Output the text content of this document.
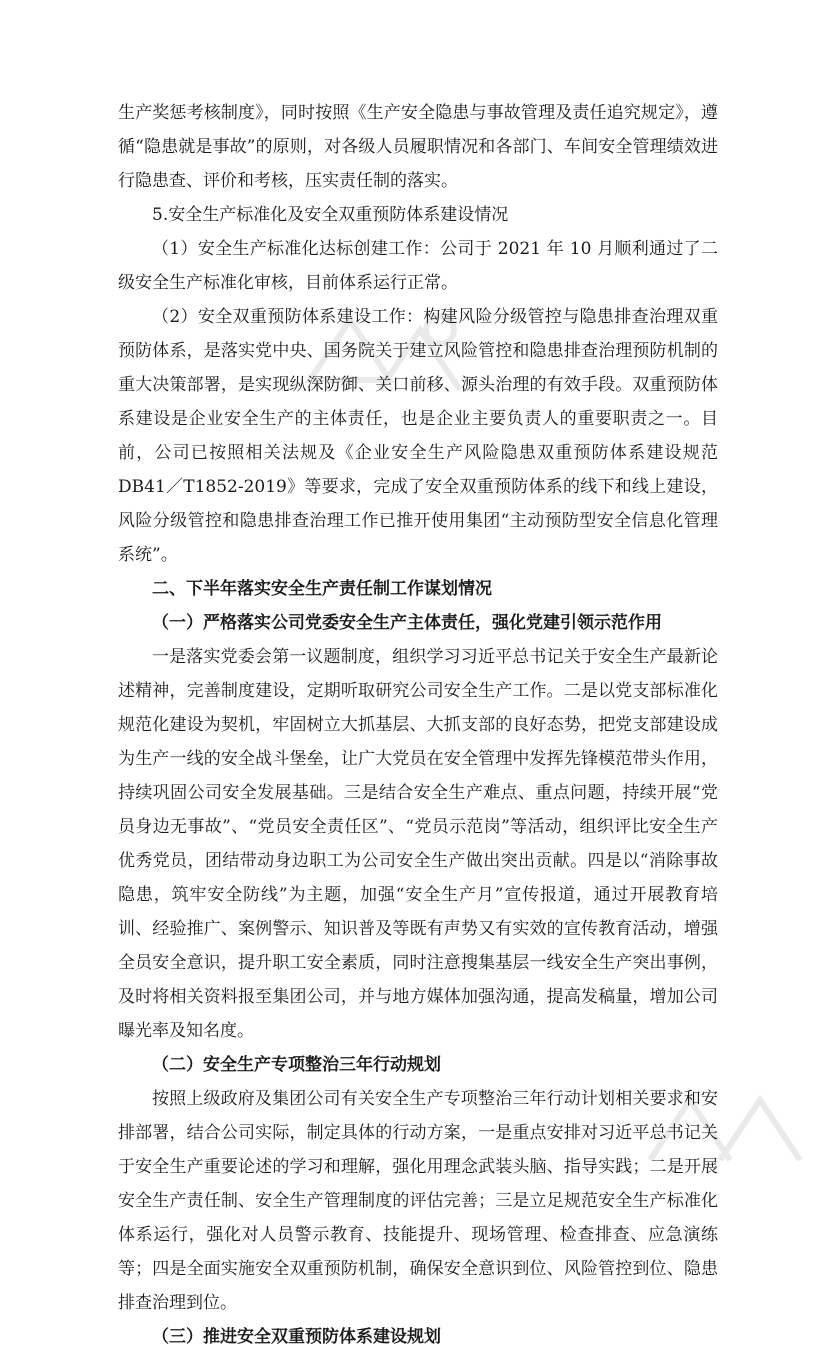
生产奖惩考核制度》，同时按照《生产安全隐患与事故管理及责任追究规定》，遵循“隐患就是事故”的原则，对各级人员履职情况和各部门、车间安全管理绩效进行隐患查、评价和考核，压实责任制的落实。

5.安全生产标准化及安全双重预防体系建设情况

（1）安全生产标准化达标创建工作：公司于 2021 年 10 月顺利通过了二级安全生产标准化审核，目前体系运行正常。

（2）安全双重预防体系建设工作：构建风险分级管控与隐患排查治理双重预防体系，是落实党中央、国务院关于建立风险管控和隐患排查治理预防机制的重大决策部署，是实现纵深防御、关口前移、源头治理的有效手段。双重预防体系建设是企业安全生产的主体责任，也是企业主要负责人的重要职责之一。目前，公司已按照相关法规及《企业安全生产风险隐患双重预防体系建设规范 DB41／T1852-2019》等要求，完成了安全双重预防体系的线下和线上建设，风险分级管控和隐患排查治理工作已推开使用集团“主动预防型安全信息化管理系统”。

二、下半年落实安全生产责任制工作谋划情况

（一）严格落实公司党委安全生产主体责任，强化党建引领示范作用

一是落实党委会第一议题制度，组织学习习近平总书记关于安全生产最新论述精神，完善制度建设，定期听取研究公司安全生产工作。二是以党支部标准化规范化建设为契机，牢固树立大抓基层、大抓支部的良好态势，把党支部建设成为生产一线的安全战斗堡垒，让广大党员在安全管理中发挥先锋模范带头作用，持续巩固公司安全发展基础。三是结合安全生产难点、重点问题，持续开展“党员身边无事故”、“党员安全责任区”、“党员示范岗”等活动，组织评比安全生产优秀党员，团结带动身边职工为公司安全生产做出突出贡献。四是以“消除事故隐患，筑牢安全防线”为主题，加强“安全生产月”宣传报道，通过开展教育培训、经验推广、案例警示、知识普及等既有声势又有实效的宣传教育活动，增强全员安全意识，提升职工安全素质，同时注意搜集基层一线安全生产突出事例，及时将相关资料报至集团公司，并与地方媒体加强沟通，提高发稿量，增加公司曝光率及知名度。

（二）安全生产专项整治三年行动规划

按照上级政府及集团公司有关安全生产专项整治三年行动计划相关要求和安排部署，结合公司实际，制定具体的行动方案，一是重点安排对习近平总书记关于安全生产重要论述的学习和理解，强化用理念武装头脑、指导实践；二是开展安全生产责任制、安全生产管理制度的评估完善；三是立足规范安全生产标准化体系运行，强化对人员警示教育、技能提升、现场管理、检查排查、应急演练等；四是全面实施安全双重预防机制，确保安全意识到位、风险管控到位、隐患排查治理到位。

（三）推进安全双重预防体系建设规划
